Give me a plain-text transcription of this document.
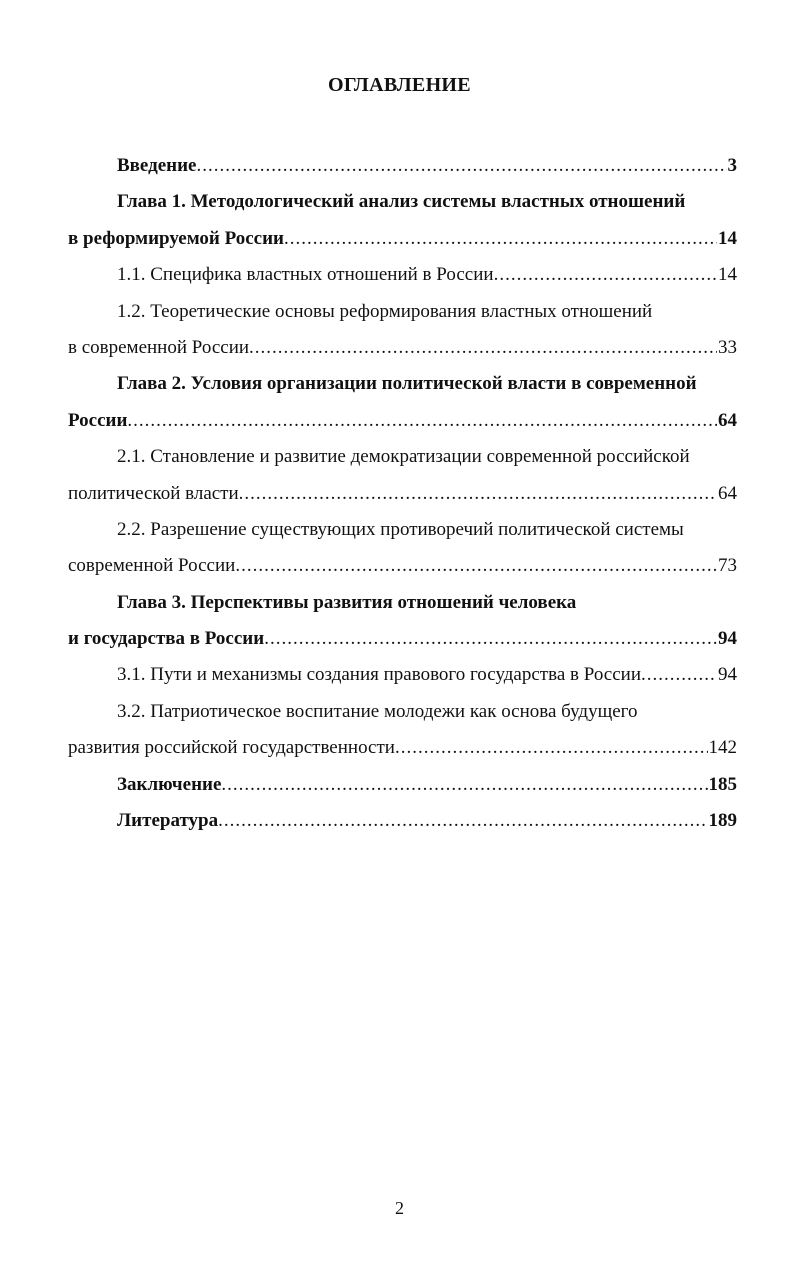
ОГЛАВЛЕНИЕ
Введение .....	3
Глава 1. Методологический анализ системы властных отношений
в реформируемой России .....	14
1.1. Специфика властных отношений в России .....	14
1.2. Теоретические основы реформирования властных отношений
в современной России .....	33
Глава 2. Условия организации политической власти в современной
России .....	64
2.1. Становление и развитие демократизации современной российской
политической власти .....	64
2.2. Разрешение существующих противоречий политической системы
современной России .....	73
Глава 3. Перспективы развития отношений человека
и государства в России .....	94
3.1. Пути и механизмы создания правового государства в России .....	94
3.2. Патриотическое воспитание молодежи как основа будущего
развития российской государственности .....	142
Заключение .....	185
Литература .....	189
2
